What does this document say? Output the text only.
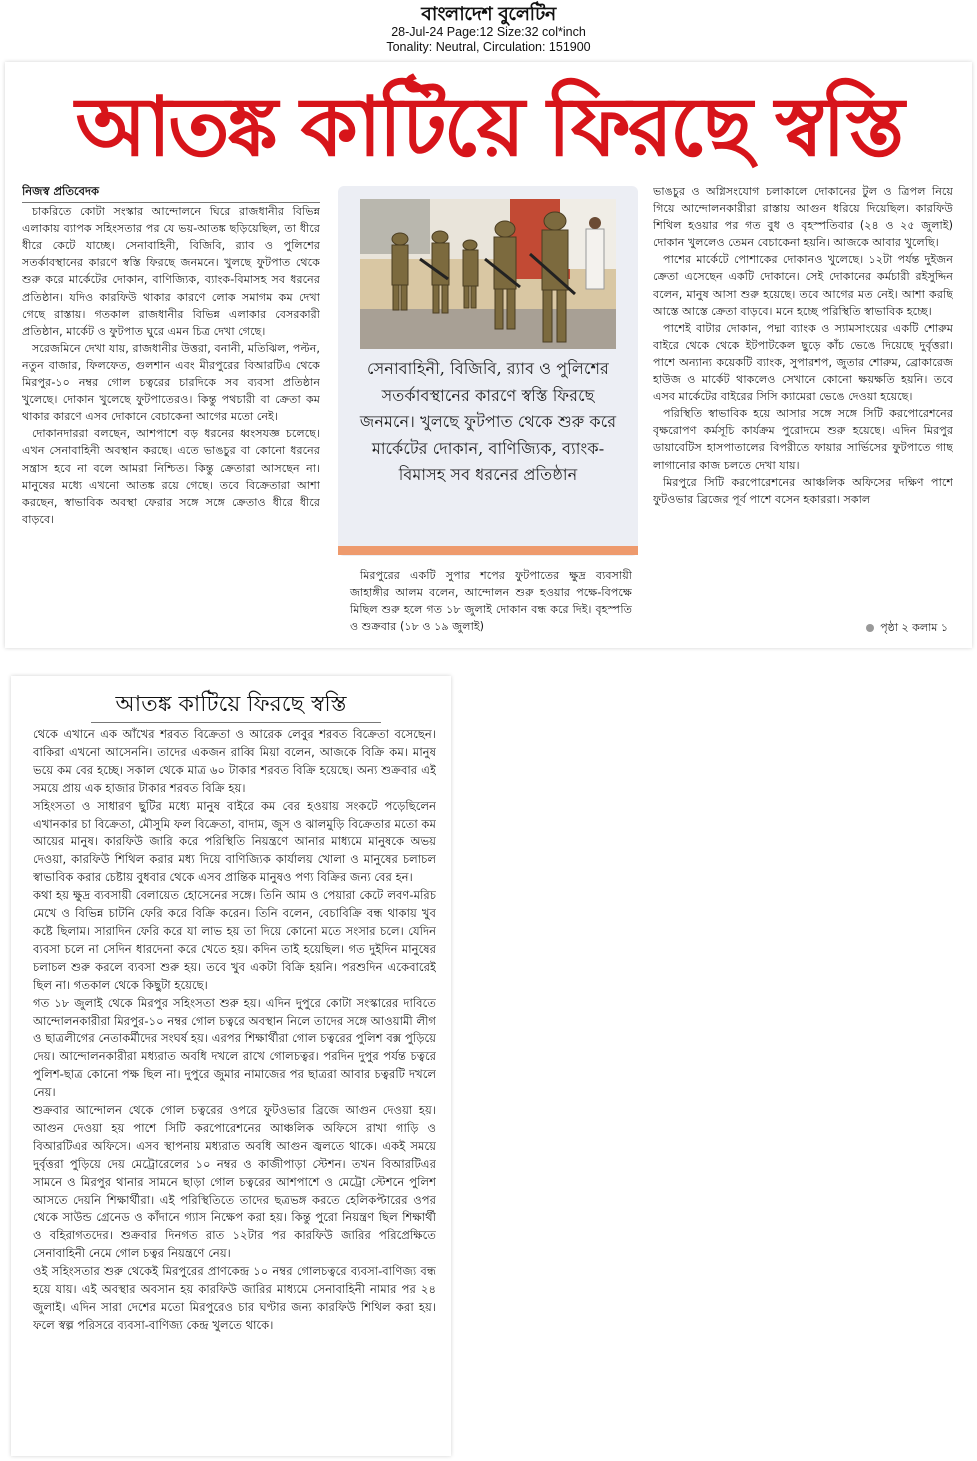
বাংলাদেশ বুলেটিন
28-Jul-24 Page:12 Size:32 col*inch
Tonality: Neutral, Circulation: 151900
আতঙ্ক কাটিয়ে ফিরছে স্বস্তি

নিজস্ব প্রতিবেদক

চাকরিতে কোটা সংস্কার আন্দোলনে ঘিরে রাজধানীর বিভিন্ন এলাকায় ব্যাপক সহিংসতার পর যে ভয়-আতঙ্ক ছড়িয়েছিল, তা ধীরে ধীরে কেটে যাচ্ছে। সেনাবাহিনী, বিজিবি, র‍্যাব ও পুলিশের সতর্কাবস্থানের কারণে স্বস্তি ফিরছে জনমনে। খুলছে ফুটপাত থেকে শুরু করে মার্কেটের দোকান, বাণিজ্যিক, ব্যাংক-বিমাসহ সব ধরনের প্রতিষ্ঠান। যদিও কারফিউ থাকার কারণে লোক সমাগম কম দেখা গেছে রাস্তায়। গতকাল রাজধানীর বিভিন্ন এলাকার বেসরকারী প্রতিষ্ঠান, মার্কেট ও ফুটপাত ঘুরে এমন চিত্র দেখা গেছে।

সরেজমিনে দেখা যায়, রাজধানীর উত্তরা, বনানী, মতিঝিল, পল্টন, নতুন বাজার, ফিলফেত, গুলশান এবং মীরপুরের বিআরটিএ থেকে মিরপুর-১০ নম্বর গোল চত্বরের চারদিকে সব ব্যবসা প্রতিষ্ঠান খুলেছে। দোকান খুলেছে ফুটপাতেরও। কিন্তু পথচারী বা ক্রেতা কম থাকার কারণে এসব দোকানে বেচাকেনা আগের মতো নেই।

দোকানদাররা বলছেন, আশপাশে বড় ধরনের ধ্বংসযজ্ঞ চলেছে। এখন সেনাবাহিনী অবস্থান করছে। এতে ভাঙচুর বা কোনো ধরনের সন্ত্রাস হবে না বলে আমরা নিশ্চিত। কিন্তু ক্রেতারা আসছেন না। মানুষের মধ্যে এখনো আতঙ্ক রয়ে গেছে। তবে বিক্রেতারা আশা করছেন, স্বাভাবিক অবস্থা ফেরার সঙ্গে সঙ্গে ক্রেতাও ধীরে ধীরে বাড়বে।

সেনাবাহিনী, বিজিবি, র‍্যাব ও পুলিশের সতর্কাবস্থানের কারণে স্বস্তি ফিরছে জনমনে। খুলছে ফুটপাত থেকে শুরু করে মার্কেটের দোকান, বাণিজ্যিক, ব্যাংক-বিমাসহ সব ধরনের প্রতিষ্ঠান

মিরপুরের একটি সুপার শপের ফুটপাতের ক্ষুদ্র ব্যবসায়ী জাহাঙ্গীর আলম বলেন, আন্দোলন শুরু হওয়ার পক্ষে-বিপক্ষে মিছিল শুরু হলে গত ১৮ জুলাই দোকান বন্ধ করে দিই। বৃহস্পতি ও শুক্রবার (১৮ ও ১৯ জুলাই)

ভাঙচুর ও অগ্নিসংযোগ চলাকালে দোকানের টুল ও ত্রিপল নিয়ে গিয়ে আন্দোলনকারীরা রাস্তায় আগুন ধরিয়ে দিয়েছিল। কারফিউ শিথিল হওয়ার পর গত বুধ ও বৃহস্পতিবার (২৪ ও ২৫ জুলাই) দোকান খুললেও তেমন বেচাকেনা হয়নি। আজকে আবার খুলেছি।

পাশের মার্কেটে পোশাকের দোকানও খুলেছে। ১২টা পর্যন্ত দুইজন ক্রেতা এসেছেন একটি দোকানে। সেই দোকানের কর্মচারী রইসুদ্দিন বলেন, মানুষ আসা শুরু হয়েছে। তবে আগের মত নেই। আশা করছি আস্তে আস্তে ক্রেতা বাড়বে। মনে হচ্ছে পরিস্থিতি স্বাভাবিক হচ্ছে।

পাশেই বাটার দোকান, পদ্মা ব্যাংক ও স্যামসাংয়ের একটি শোরুম বাইরে থেকে থেকে ইটপাটকেল ছুড়ে কাঁচ ভেঙে দিয়েছে দুর্বৃত্তরা। পাশে অন্যান্য কয়েকটি ব্যাংক, সুপারশপ, জুতার শোরুম, ব্রোকারেজ হাউজ ও মার্কেট থাকলেও সেখানে কোনো ক্ষয়ক্ষতি হয়নি। তবে এসব মার্কেটের বাইরের সিসি ক্যামেরা ভেঙে দেওয়া হয়েছে।

পরিস্থিতি স্বাভাবিক হয়ে আসার সঙ্গে সঙ্গে সিটি করপোরেশনের বৃক্ষরোপণ কর্মসূচি কার্যক্রম পুরোদমে শুরু হয়েছে। এদিন মিরপুর ডায়াবেটিস হাসপাতালের বিপরীতে ফায়ার সার্ভিসের ফুটপাতে গাছ লাগানোর কাজ চলতে দেখা যায়।

মিরপুরে সিটি করপোরেশনের আঞ্চলিক অফিসের দক্ষিণ পাশে ফুটওভার ব্রিজের পূর্ব পাশে বসেন হকাররা। সকাল

পৃষ্ঠা ২ কলাম ১
আতঙ্ক কাটিয়ে ফিরছে স্বস্তি

থেকে এখানে এক আঁখের শরবত বিক্রেতা ও আরেক লেবুর শরবত বিক্রেতা বসেছেন। বাকিরা এখনো আসেননি। তাদের একজন রাব্বি মিয়া বলেন, আজকে বিক্রি কম। মানুষ ভয়ে কম বের হচ্ছে। সকাল থেকে মাত্র ৬০ টাকার শরবত বিক্রি হয়েছে। অন্য শুক্রবার এই সময়ে প্রায় এক হাজার টাকার শরবত বিক্রি হয়।

সহিংসতা ও সাধারণ ছুটির মধ্যে মানুষ বাইরে কম বের হওয়ায় সংকটে পড়েছিলেন এখানকার চা বিক্রেতা, মৌসুমি ফল বিক্রেতা, বাদাম, জুস ও ঝালমুড়ি বিক্রেতার মতো কম আয়ের মানুষ। কারফিউ জারি করে পরিস্থিতি নিয়ন্ত্রণে আনার মাধ্যমে মানুষকে অভয় দেওয়া, কারফিউ শিথিল করার মধ্য দিয়ে বাণিজ্যিক কার্যালয় খোলা ও মানুষের চলাচল স্বাভাবিক করার চেষ্টায় বুধবার থেকে এসব প্রান্তিক মানুষও পণ্য বিক্রির জন্য বের হন।

কথা হয় ক্ষুদ্র ব্যবসায়ী বেলায়েত হোসেনের সঙ্গে। তিনি আম ও পেয়ারা কেটে লবণ-মরিচ মেখে ও বিভিন্ন চাটনি ফেরি করে বিক্রি করেন। তিনি বলেন, বেচাবিক্রি বন্ধ থাকায় খুব কষ্টে ছিলাম। সারাদিন ফেরি করে যা লাভ হয় তা দিয়ে কোনো মতে সংসার চলে। যেদিন ব্যবসা চলে না সেদিন ধারদেনা করে খেতে হয়। কদিন তাই হয়েছিল। গত দুইদিন মানুষের চলাচল শুরু করলে ব্যবসা শুরু হয়। তবে খুব একটা বিক্রি হয়নি। পরশুদিন একেবারেই ছিল না। গতকাল থেকে কিছুটা হয়েছে।

গত ১৮ জুলাই থেকে মিরপুর সহিংসতা শুরু হয়। এদিন দুপুরে কোটা সংস্কারের দাবিতে আন্দোলনকারীরা মিরপুর-১০ নম্বর গোল চত্বরে অবস্থান নিলে তাদের সঙ্গে আওয়ামী লীগ ও ছাত্রলীগের নেতাকর্মীদের সংঘর্ষ হয়। এরপর শিক্ষার্থীরা গোল চত্বরের পুলিশ বক্স পুড়িয়ে দেয়। আন্দোলনকারীরা মধ্যরাত অবধি দখলে রাখে গোলচত্বর। পরদিন দুপুর পর্যন্ত চত্বরে পুলিশ-ছাত্র কোনো পক্ষ ছিল না। দুপুরে জুমার নামাজের পর ছাত্ররা আবার চত্বরটি দখলে নেয়।

শুক্রবার আন্দোলন থেকে গোল চত্বরের ওপরে ফুটওভার ব্রিজে আগুন দেওয়া হয়। আগুন দেওয়া হয় পাশে সিটি করপোরেশনের আঞ্চলিক অফিসে রাখা গাড়ি ও বিআরটিএর অফিসে। এসব স্থাপনায় মধ্যরাত অবধি আগুন জ্বলতে থাকে। একই সময়ে দুর্বৃত্তরা পুড়িয়ে দেয় মেট্রোরেলের ১০ নম্বর ও কাজীপাড়া স্টেশন। তখন বিআরটিএর সামনে ও মিরপুর থানার সামনে ছাড়া গোল চত্বরের আশপাশে ও মেট্রো স্টেশনে পুলিশ আসতে দেয়নি শিক্ষার্থীরা। এই পরিস্থিতিতে তাদের ছত্রভঙ্গ করতে হেলিকপ্টারের ওপর থেকে সাউন্ড গ্রেনেড ও কাঁদানে গ্যাস নিক্ষেপ করা হয়। কিন্তু পুরো নিয়ন্ত্রণ ছিল শিক্ষার্থী ও বহিরাগতদের। শুক্রবার দিনগত রাত ১২টার পর কারফিউ জারির পরিপ্রেক্ষিতে সেনাবাহিনী নেমে গোল চত্বর নিয়ন্ত্রণে নেয়।

ওই সহিংসতার শুরু থেকেই মিরপুরের প্রাণকেন্দ্র ১০ নম্বর গোলচত্বরে ব্যবসা-বাণিজ্য বন্ধ হয়ে যায়। এই অবস্থার অবসান হয় কারফিউ জারির মাধ্যমে সেনাবাহিনী নামার পর ২৪ জুলাই। এদিন সারা দেশের মতো মিরপুরেও চার ঘণ্টার জন্য কারফিউ শিথিল করা হয়। ফলে স্বল্প পরিসরে ব্যবসা-বাণিজ্য কেন্দ্র খুলতে থাকে।
